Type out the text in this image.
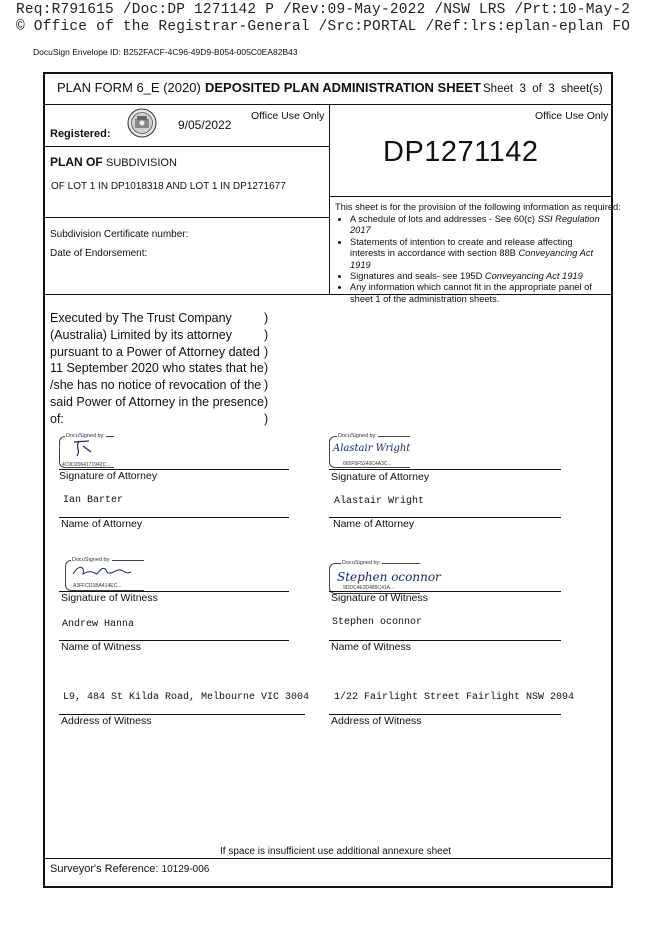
Req:R791615 /Doc:DP 1271142 P /Rev:09-May-2022 /NSW LRS /Prt:10-May-2
© Office of the Registrar-General /Src:PORTAL /Ref:lrs:eplan-eplan FO
DocuSign Envelope ID: B252FACF-4C96-49D9-B054-005C0EA82B43
PLAN FORM 6_E (2020) DEPOSITED PLAN ADMINISTRATION SHEET Sheet 3 of 3 sheet(s)
Office Use Only
Registered:
9/05/2022
PLAN OF SUBDIVISION
OF LOT 1 IN DP1018318 AND LOT 1 IN DP1271677
Subdivision Certificate number:
Date of Endorsement:
Office Use Only
DP1271142
This sheet is for the provision of the following information as required:
• A schedule of lots and addresses - See 60(c) SSI Regulation 2017
• Statements of intention to create and release affecting interests in accordance with section 88B Conveyancing Act 1919
• Signatures and seals- see 195D Conveyancing Act 1919
• Any information which cannot fit in the appropriate panel of sheet 1 of the administration sheets.
Executed by The Trust Company
(Australia) Limited by its attorney
pursuant to a Power of Attorney dated
11 September 2020 who states that he
/she has no notice of revocation of the
said Power of Attorney in the presence
of:
)
)
)
)
)
)
)
DocuSigned by:
4C0D2064171942C...
Signature of Attorney
Ian Barter
Name of Attorney
DocuSigned by:
Alastair Wright
665F5F5240C4A3C...
Signature of Attorney
Alastair Wright
Name of Attorney
DocuSigned by:
A3FFCD1BA414EC...
Signature of Witness
Andrew Hanna
Name of Witness
DocuSigned by:
Stephen oconnor
9DDC4E3D489C41A...
Signature of Witness
Stephen oconnor
Name of Witness
L9, 484 St Kilda Road, Melbourne VIC 3004
Address of Witness
1/22 Fairlight Street Fairlight NSW 2094
Address of Witness
If space is insufficient use additional annexure sheet
Surveyor's Reference: 10129-006
